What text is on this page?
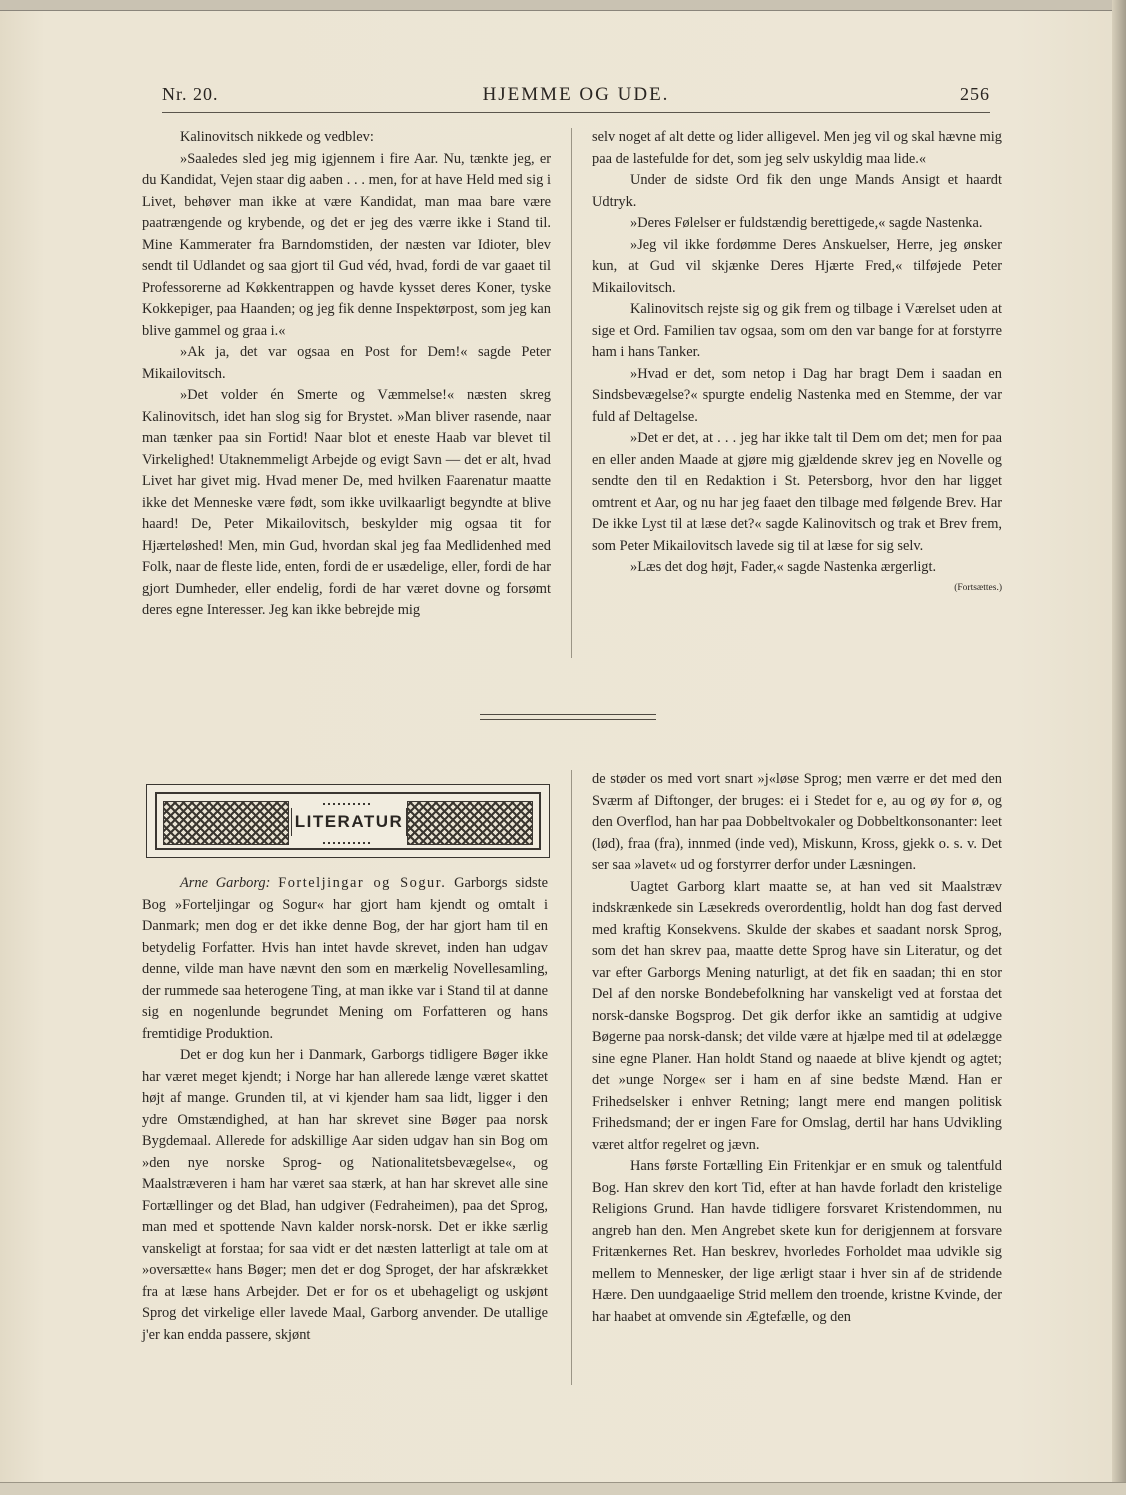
Nr. 20.	HJEMME OG UDE.	256

Kalinovitsch nikkede og vedblev:

»Saaledes sled jeg mig igjennem i fire Aar. Nu, tænkte jeg, er du Kandidat, Vejen staar dig aaben . . . men, for at have Held med sig i Livet, behøver man ikke at være Kandidat, man maa bare være paatrængende og krybende, og det er jeg des værre ikke i Stand til. Mine Kammerater fra Barndomstiden, der næsten var Idioter, blev sendt til Udlandet og saa gjort til Gud véd, hvad, fordi de var gaaet til Professorerne ad Køkkentrappen og havde kysset deres Koner, tyske Kokkepiger, paa Haanden; og jeg fik denne Inspektørpost, som jeg kan blive gammel og graa i.«

»Ak ja, det var ogsaa en Post for Dem!« sagde Peter Mikailovitsch.

»Det volder én Smerte og Væmmelse!« næsten skreg Kalinovitsch, idet han slog sig for Brystet. »Man bliver rasende, naar man tænker paa sin Fortid! Naar blot et eneste Haab var blevet til Virkelighed! Utaknemmeligt Arbejde og evigt Savn — det er alt, hvad Livet har givet mig. Hvad mener De, med hvilken Faarenatur maatte ikke det Menneske være født, som ikke uvilkaarligt begyndte at blive haard! De, Peter Mikailovitsch, beskylder mig ogsaa tit for Hjærteløshed! Men, min Gud, hvordan skal jeg faa Medlidenhed med Folk, naar de fleste lide, enten, fordi de er usædelige, eller, fordi de har gjort Dumheder, eller endelig, fordi de har været dovne og forsømt deres egne Interesser. Jeg kan ikke bebrejde mig

selv noget af alt dette og lider alligevel. Men jeg vil og skal hævne mig paa de lastefulde for det, som jeg selv uskyldig maa lide.«

Under de sidste Ord fik den unge Mands Ansigt et haardt Udtryk.

»Deres Følelser er fuldstændig berettigede,« sagde Nastenka.

»Jeg vil ikke fordømme Deres Anskuelser, Herre, jeg ønsker kun, at Gud vil skjænke Deres Hjærte Fred,« tilføjede Peter Mikailovitsch.

Kalinovitsch rejste sig og gik frem og tilbage i Værelset uden at sige et Ord. Familien tav ogsaa, som om den var bange for at forstyrre ham i hans Tanker.

»Hvad er det, som netop i Dag har bragt Dem i saadan en Sindsbevægelse?« spurgte endelig Nastenka med en Stemme, der var fuld af Deltagelse.

»Det er det, at . . . jeg har ikke talt til Dem om det; men for paa en eller anden Maade at gjøre mig gjældende skrev jeg en Novelle og sendte den til en Redaktion i St. Petersborg, hvor den har ligget omtrent et Aar, og nu har jeg faaet den tilbage med følgende Brev. Har De ikke Lyst til at læse det?« sagde Kalinovitsch og trak et Brev frem, som Peter Mikailovitsch lavede sig til at læse for sig selv.

»Læs det dog højt, Fader,« sagde Nastenka ærgerligt.

(Fortsættes.)
LITERATUR

Arne Garborg: Forteljingar og Sogur. Garborgs sidste Bog »Forteljingar og Sogur« har gjort ham kjendt og omtalt i Danmark; men dog er det ikke denne Bog, der har gjort ham til en betydelig Forfatter. Hvis han intet havde skrevet, inden han udgav denne, vilde man have nævnt den som en mærkelig Novellesamling, der rummede saa heterogene Ting, at man ikke var i Stand til at danne sig en nogenlunde begrundet Mening om Forfatteren og hans fremtidige Produktion.

Det er dog kun her i Danmark, Garborgs tidligere Bøger ikke har været meget kjendt; i Norge har han allerede længe været skattet højt af mange. Grunden til, at vi kjender ham saa lidt, ligger i den ydre Omstændighed, at han har skrevet sine Bøger paa norsk Bygdemaal. Allerede for adskillige Aar siden udgav han sin Bog om »den nye norske Sprog- og Nationalitetsbevægelse«, og Maalstræveren i ham har været saa stærk, at han har skrevet alle sine Fortællinger og det Blad, han udgiver (Fedraheimen), paa det Sprog, man med et spottende Navn kalder norsk-norsk. Det er ikke særlig vanskeligt at forstaa; for saa vidt er det næsten latterligt at tale om at »oversætte« hans Bøger; men det er dog Sproget, der har afskrækket fra at læse hans Arbejder. Det er for os et ubehageligt og uskjønt Sprog det virkelige eller lavede Maal, Garborg anvender. De utallige j'er kan endda passere, skjønt

de støder os med vort snart »j«løse Sprog; men værre er det med den Sværm af Diftonger, der bruges: ei i Stedet for e, au og øy for ø, og den Overflod, han har paa Dobbeltvokaler og Dobbeltkonsonanter: leet (lød), fraa (fra), innmed (inde ved), Miskunn, Kross, gjekk o. s. v. Det ser saa »lavet« ud og forstyrrer derfor under Læsningen.

Uagtet Garborg klart maatte se, at han ved sit Maalstræv indskrænkede sin Læsekreds overordentlig, holdt han dog fast derved med kraftig Konsekvens. Skulde der skabes et saadant norsk Sprog, som det han skrev paa, maatte dette Sprog have sin Literatur, og det var efter Garborgs Mening naturligt, at det fik en saadan; thi en stor Del af den norske Bondebefolkning har vanskeligt ved at forstaa det norsk-danske Bogsprog. Det gik derfor ikke an samtidig at udgive Bøgerne paa norsk-dansk; det vilde være at hjælpe med til at ødelægge sine egne Planer. Han holdt Stand og naaede at blive kjendt og agtet; det »unge Norge« ser i ham en af sine bedste Mænd. Han er Frihedselsker i enhver Retning; langt mere end mangen politisk Frihedsmand; der er ingen Fare for Omslag, dertil har hans Udvikling været altfor regelret og jævn.

Hans første Fortælling Ein Fritenkjar er en smuk og talentfuld Bog. Han skrev den kort Tid, efter at han havde forladt den kristelige Religions Grund. Han havde tidligere forsvaret Kristendommen, nu angreb han den. Men Angrebet skete kun for derigjennem at forsvare Fritænkernes Ret. Han beskrev, hvorledes Forholdet maa udvikle sig mellem to Mennesker, der lige ærligt staar i hver sin af de stridende Hære. Den uundgaaelige Strid mellem den troende, kristne Kvinde, der har haabet at omvende sin Ægtefælle, og den
